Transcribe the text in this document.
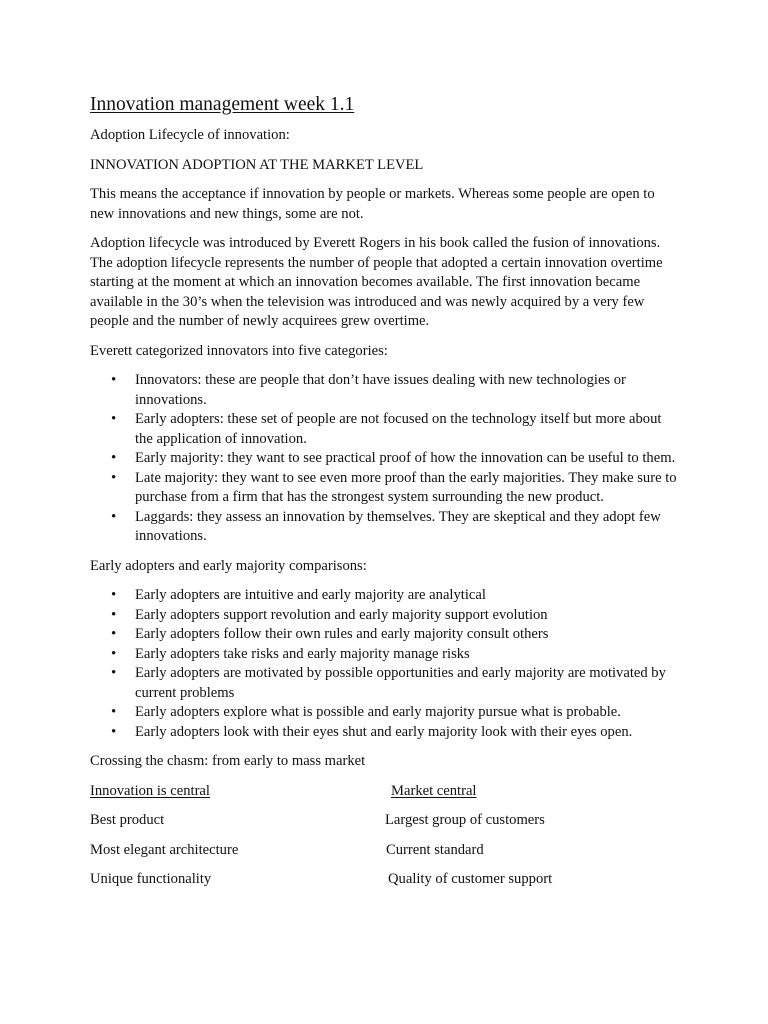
Innovation management week 1.1

Adoption Lifecycle of innovation:

INNOVATION ADOPTION AT THE MARKET LEVEL

This means the acceptance if innovation by people or markets. Whereas some people are open to new innovations and new things, some are not.

Adoption lifecycle was introduced by Everett Rogers in his book called the fusion of innovations. The adoption lifecycle represents the number of people that adopted a certain innovation overtime starting at the moment at which an innovation becomes available. The first innovation became available in the 30’s when the television was introduced and was newly acquired by a very few people and the number of newly acquirees grew overtime.

Everett categorized innovators into five categories:

• Innovators: these are people that don’t have issues dealing with new technologies or innovations.
• Early adopters: these set of people are not focused on the technology itself but more about the application of innovation.
• Early majority: they want to see practical proof of how the innovation can be useful to them.
• Late majority: they want to see even more proof than the early majorities. They make sure to purchase from a firm that has the strongest system surrounding the new product.
• Laggards: they assess an innovation by themselves. They are skeptical and they adopt few innovations.

Early adopters and early majority comparisons:

• Early adopters are intuitive and early majority are analytical
• Early adopters support revolution and early majority support evolution
• Early adopters follow their own rules and early majority consult others
• Early adopters take risks and early majority manage risks
• Early adopters are motivated by possible opportunities and early majority are motivated by current problems
• Early adopters explore what is possible and early majority pursue what is probable.
• Early adopters look with their eyes shut and early majority look with their eyes open.

Crossing the chasm: from early to mass market

Innovation is central	Market central
Best product	Largest group of customers
Most elegant architecture	Current standard
Unique functionality	Quality of customer support
